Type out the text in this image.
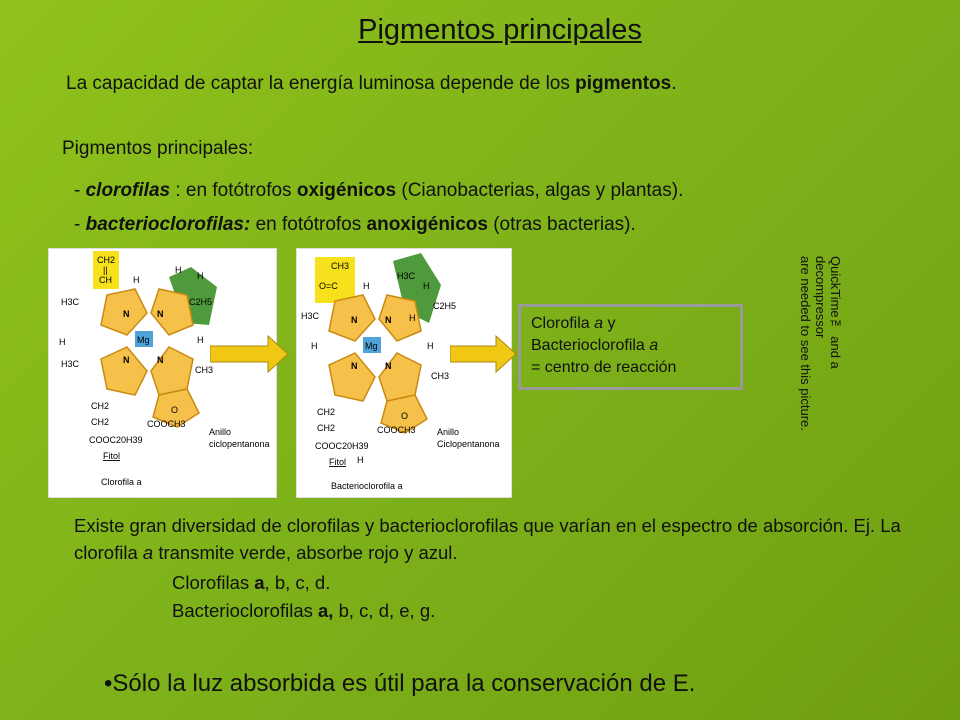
Pigmentos principales
La capacidad de captar la energía luminosa depende de los pigmentos.
Pigmentos principales:
- clorofilas : en fotótrofos oxigénicos (Cianobacterias, algas y plantas).
- bacterioclorofilas: en fotótrofos anoxigénicos (otras bacterias).
Mg
N	N
N
N
CH2
||
CH H
H
H
C2H5
H3C
H	H
H3C
CH3
O
COOCH3
CH2
CH2
COOC20H39
Fitol
Anillo
ciclopentanona
Clorofila a
Mg
N	N
N
N
CH3
O=C	H
H3C
H
C2H5
H
H3C
H	H
CH3
O
COOCH3
CH2
CH2
COOC20H39
Fitol H
Anillo
Ciclopentanona
Bacterioclorofila a
Clorofila a y
Bacterioclorofila a
= centro de reacción	QuickTime™ and a
decompressor
are needed to see this picture.
Existe gran diversidad de clorofilas y bacterioclorofilas que varían en el espectro de absorción. Ej. La clorofila a transmite verde, absorbe rojo y azul.
Clorofilas a, b, c, d.
Bacterioclorofilas a, b, c, d, e, g.
•Sólo la luz absorbida es útil para la conservación de E.
